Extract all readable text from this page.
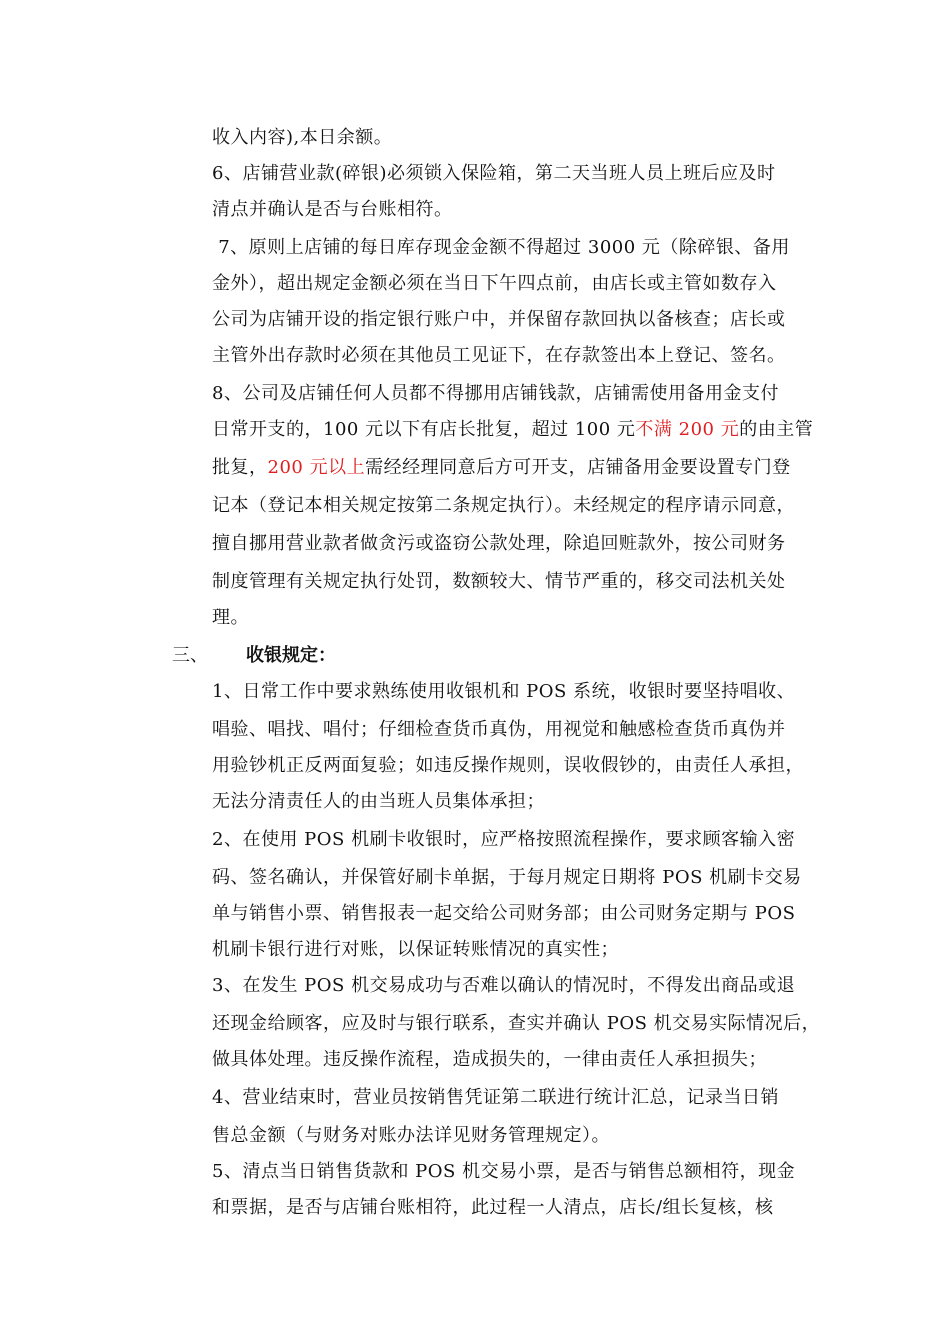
收入内容),本日余额。
6、店铺营业款(碎银)必须锁入保险箱，第二天当班人员上班后应及时
清点并确认是否与台账相符。
7、原则上店铺的每日库存现金金额不得超过 3000 元（除碎银、备用
金外），超出规定金额必须在当日下午四点前，由店长或主管如数存入
公司为店铺开设的指定银行账户中，并保留存款回执以备核查；店长或
主管外出存款时必须在其他员工见证下，在存款签出本上登记、签名。
8、公司及店铺任何人员都不得挪用店铺钱款，店铺需使用备用金支付
日常开支的，100 元以下有店长批复，超过 100 元不满 200 元的由主管
批复，200 元以上需经经理同意后方可开支，店铺备用金要设置专门登
记本（登记本相关规定按第二条规定执行）。未经规定的程序请示同意，
擅自挪用营业款者做贪污或盗窃公款处理，除追回赃款外，按公司财务
制度管理有关规定执行处罚，数额较大、情节严重的，移交司法机关处
理。
三、 收银规定：
1、日常工作中要求熟练使用收银机和 POS 系统，收银时要坚持唱收、
唱验、唱找、唱付；仔细检查货币真伪，用视觉和触感检查货币真伪并
用验钞机正反两面复验；如违反操作规则，误收假钞的，由责任人承担，
无法分清责任人的由当班人员集体承担；
2、在使用 POS 机刷卡收银时，应严格按照流程操作，要求顾客输入密
码、签名确认，并保管好刷卡单据，于每月规定日期将 POS 机刷卡交易
单与销售小票、销售报表一起交给公司财务部；由公司财务定期与 POS
机刷卡银行进行对账，以保证转账情况的真实性；
3、在发生 POS 机交易成功与否难以确认的情况时，不得发出商品或退
还现金给顾客，应及时与银行联系，查实并确认 POS 机交易实际情况后，
做具体处理。违反操作流程，造成损失的，一律由责任人承担损失；
4、营业结束时，营业员按销售凭证第二联进行统计汇总，记录当日销
售总金额（与财务对账办法详见财务管理规定）。
5、清点当日销售货款和 POS 机交易小票，是否与销售总额相符，现金
和票据，是否与店铺台账相符，此过程一人清点，店长/组长复核，核
